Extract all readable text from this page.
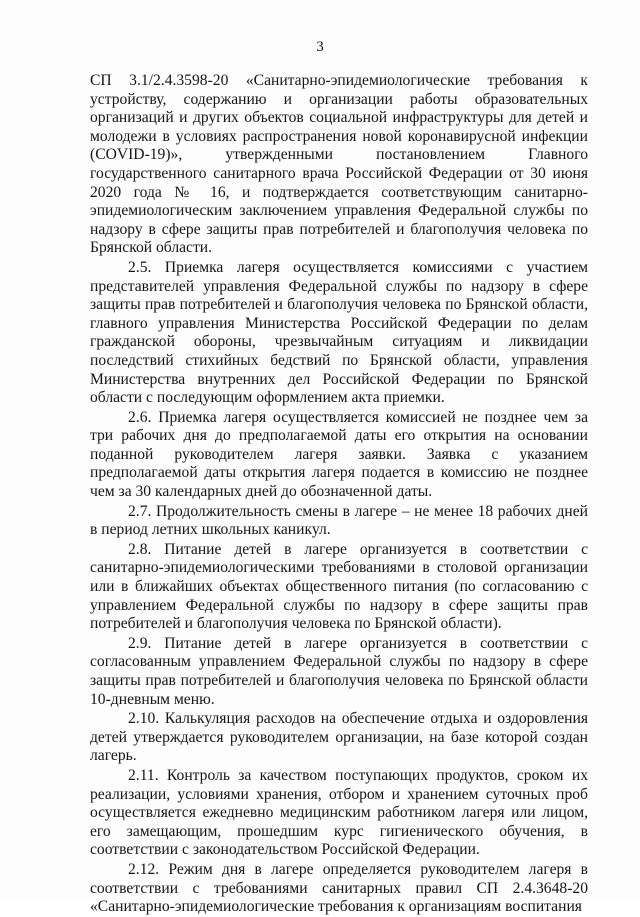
3

СП 3.1/2.4.3598-20 «Санитарно-эпидемиологические требования к устройству, содержанию и организации работы образовательных организаций и других объектов социальной инфраструктуры для детей и молодежи в условиях распространения новой коронавирусной инфекции (COVID-19)», утвержденными постановлением Главного государственного санитарного врача Российской Федерации от 30 июня 2020 года № 16, и подтверждается соответствующим санитарно-эпидемиологическим заключением управления Федеральной службы по надзору в сфере защиты прав потребителей и благополучия человека по Брянской области.

2.5. Приемка лагеря осуществляется комиссиями с участием представителей управления Федеральной службы по надзору в сфере защиты прав потребителей и благополучия человека по Брянской области, главного управления Министерства Российской Федерации по делам гражданской обороны, чрезвычайным ситуациям и ликвидации последствий стихийных бедствий по Брянской области, управления Министерства внутренних дел Российской Федерации по Брянской области с последующим оформлением акта приемки.

2.6. Приемка лагеря осуществляется комиссией не позднее чем за три рабочих дня до предполагаемой даты его открытия на основании поданной руководителем лагеря заявки. Заявка с указанием предполагаемой даты открытия лагеря подается в комиссию не позднее чем за 30 календарных дней до обозначенной даты.

2.7. Продолжительность смены в лагере – не менее 18 рабочих дней в период летних школьных каникул.

2.8. Питание детей в лагере организуется в соответствии с санитарно-эпидемиологическими требованиями в столовой организации или в ближайших объектах общественного питания (по согласованию с управлением Федеральной службы по надзору в сфере защиты прав потребителей и благополучия человека по Брянской области).

2.9. Питание детей в лагере организуется в соответствии с согласованным управлением Федеральной службы по надзору в сфере защиты прав потребителей и благополучия человека по Брянской области 10-дневным меню.

2.10. Калькуляция расходов на обеспечение отдыха и оздоровления детей утверждается руководителем организации, на базе которой создан лагерь.

2.11. Контроль за качеством поступающих продуктов, сроком их реализации, условиями хранения, отбором и хранением суточных проб осуществляется ежедневно медицинским работником лагеря или лицом, его замещающим, прошедшим курс гигиенического обучения, в соответствии с законодательством Российской Федерации.

2.12. Режим дня в лагере определяется руководителем лагеря в соответствии с требованиями санитарных правил СП 2.4.3648-20 «Санитарно-эпидемиологические требования к организациям воспитания
